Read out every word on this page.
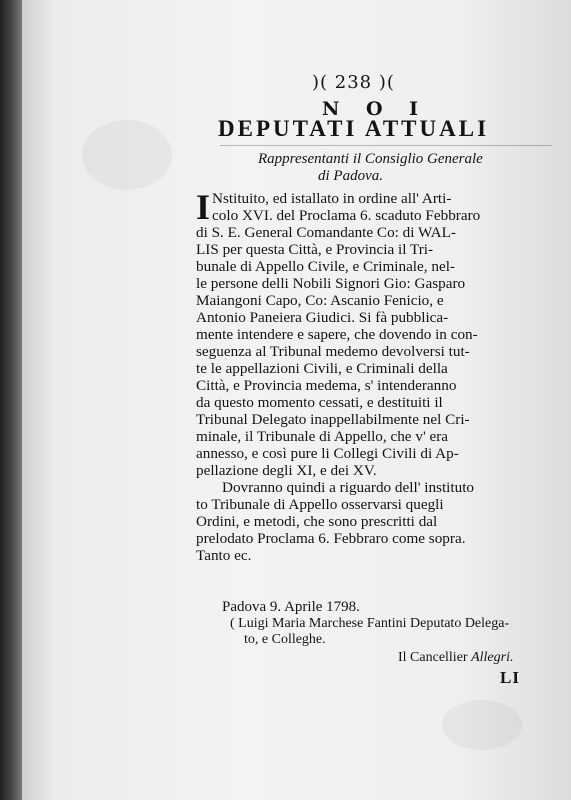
)( 238 )(
N O I
DEPUTATI ATTUALI
Rappresentanti il Consiglio Generale
di Padova.
I Nstituito, ed istallato in ordine all' Arti-
colo XVI. del Proclama 6. scaduto Febbraro
di S. E. General Comandante Co: di WAL-
LIS per questa Città, e Provincia il Tri-
bunale di Appello Civile, e Criminale, nel-
le persone delli Nobili Signori Gio: Gasparo
Maiangoni Capo, Co: Ascanio Fenicio, e
Antonio Paneiera Giudici. Si fà pubblica-
mente intendere e sapere, che dovendo in con-
seguenza al Tribunal medemo devolversi tut-
te le appellazioni Civili, e Criminali della
Città, e Provincia medema, s' intenderanno
da questo momento cessati, e destituiti il
Tribunal Delegato inappellabilmente nel Cri-
minale, il Tribunale di Appello, che v' era
annesso, e così pure li Collegi Civili di Ap-
pellazione degli XI, e dei XV.
Dovranno quindi a riguardo dell' instituto
to Tribunale di Appello osservarsi quegli
Ordini, e metodi, che sono prescritti dal
prelodato Proclama 6. Febbraro come sopra.
Tanto ec.
Padova 9. Aprile 1798.
( Luigi Maria Marchese Fantini Deputato Delega-
to, e Colleghe.
Il Cancellier Allegri.
LI
